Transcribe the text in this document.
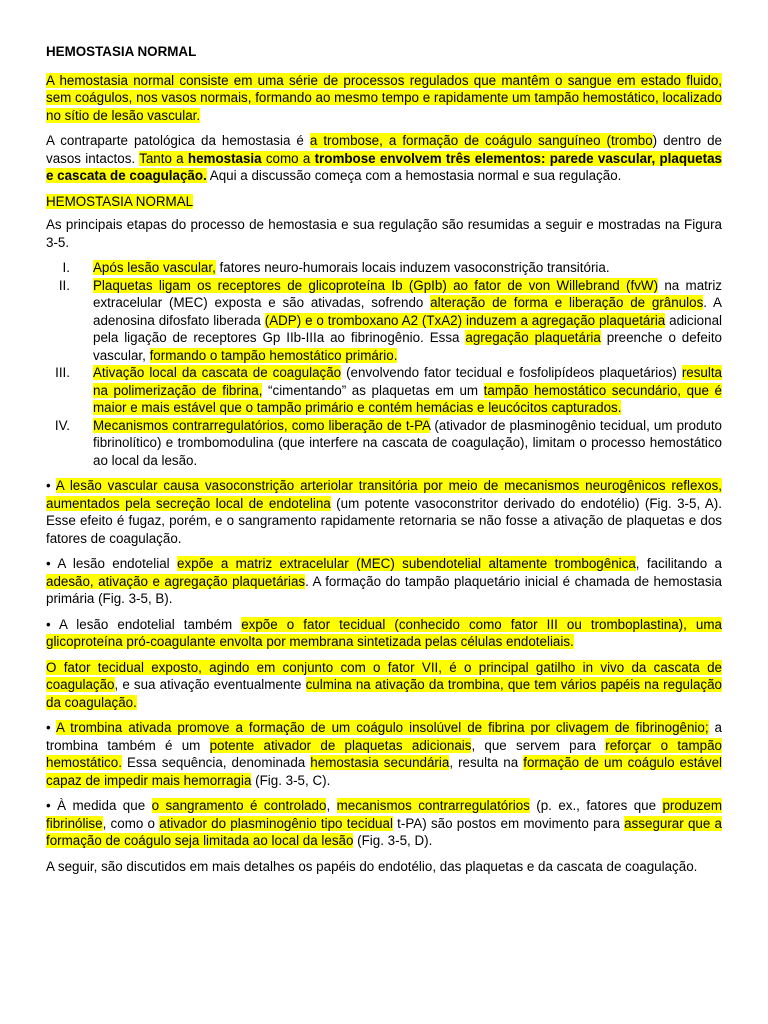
HEMOSTASIA NORMAL

A hemostasia normal consiste em uma série de processos regulados que mantêm o sangue em estado fluido, sem coágulos, nos vasos normais, formando ao mesmo tempo e rapidamente um tampão hemostático, localizado no sítio de lesão vascular.

A contraparte patológica da hemostasia é a trombose, a formação de coágulo sanguíneo (trombo) dentro de vasos intactos. Tanto a hemostasia como a trombose envolvem três elementos: parede vascular, plaquetas e cascata de coagulação. Aqui a discussão começa com a hemostasia normal e sua regulação.

HEMOSTASIA NORMAL

As principais etapas do processo de hemostasia e sua regulação são resumidas a seguir e mostradas na Figura 3-5.

I. Após lesão vascular, fatores neuro-humorais locais induzem vasoconstrição transitória.
II. Plaquetas ligam os receptores de glicoproteína Ib (GpIb) ao fator de von Willebrand (fvW) na matriz extracelular (MEC) exposta e são ativadas, sofrendo alteração de forma e liberação de grânulos. A adenosina difosfato liberada (ADP) e o tromboxano A2 (TxA2) induzem a agregação plaquetária adicional pela ligação de receptores Gp IIb-IIIa ao fibrinogênio. Essa agregação plaquetária preenche o defeito vascular, formando o tampão hemostático primário.
III. Ativação local da cascata de coagulação (envolvendo fator tecidual e fosfolipídeos plaquetários) resulta na polimerização de fibrina, “cimentando” as plaquetas em um tampão hemostático secundário, que é maior e mais estável que o tampão primário e contém hemácias e leucócitos capturados.
IV. Mecanismos contrarregulatórios, como liberação de t-PA (ativador de plasminogênio tecidual, um produto fibrinolítico) e trombomodulina (que interfere na cascata de coagulação), limitam o processo hemostático ao local da lesão.

• A lesão vascular causa vasoconstrição arteriolar transitória por meio de mecanismos neurogênicos reflexos, aumentados pela secreção local de endotelina (um potente vasoconstritor derivado do endotélio) (Fig. 3-5, A). Esse efeito é fugaz, porém, e o sangramento rapidamente retornaria se não fosse a ativação de plaquetas e dos fatores de coagulação.

• A lesão endotelial expõe a matriz extracelular (MEC) subendotelial altamente trombogênica, facilitando a adesão, ativação e agregação plaquetárias. A formação do tampão plaquetário inicial é chamada de hemostasia primária (Fig. 3-5, B).

• A lesão endotelial também expõe o fator tecidual (conhecido como fator III ou tromboplastina), uma glicoproteína pró-coagulante envolta por membrana sintetizada pelas células endoteliais.

O fator tecidual exposto, agindo em conjunto com o fator VII, é o principal gatilho in vivo da cascata de coagulação, e sua ativação eventualmente culmina na ativação da trombina, que tem vários papéis na regulação da coagulação.

• A trombina ativada promove a formação de um coágulo insolúvel de fibrina por clivagem de fibrinogênio; a trombina também é um potente ativador de plaquetas adicionais, que servem para reforçar o tampão hemostático. Essa sequência, denominada hemostasia secundária, resulta na formação de um coágulo estável capaz de impedir mais hemorragia (Fig. 3-5, C).

• À medida que o sangramento é controlado, mecanismos contrarregulatórios (p. ex., fatores que produzem fibrinólise, como o ativador do plasminogênio tipo tecidual t-PA) são postos em movimento para assegurar que a formação de coágulo seja limitada ao local da lesão (Fig. 3-5, D).

A seguir, são discutidos em mais detalhes os papéis do endotélio, das plaquetas e da cascata de coagulação.
